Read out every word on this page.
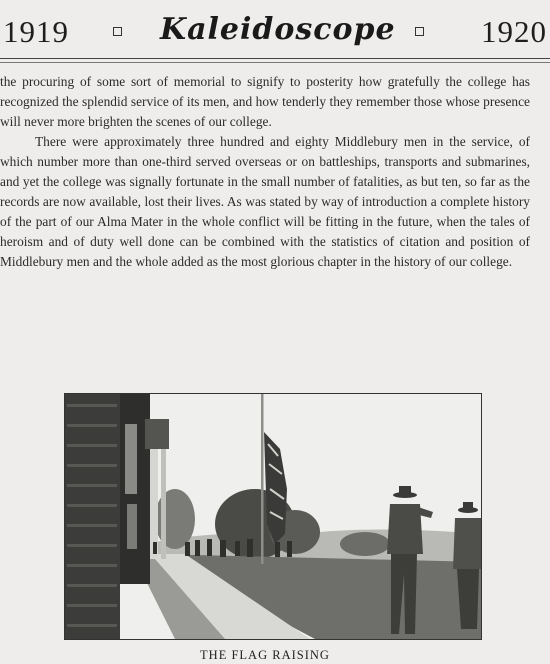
1919	Kaleidoscope	1920

the procuring of some sort of memorial to signify to posterity how gratefully the college has recognized the splendid service of its men, and how tenderly they remember those whose presence will never more brighten the scenes of our college.

There were approximately three hundred and eighty Middlebury men in the service, of which number more than one-third served overseas or on battleships, transports and submarines, and yet the college was signally fortunate in the small number of fatalities, as but ten, so far as the records are now available, lost their lives. As was stated by way of introduction a complete history of the part of our Alma Mater in the whole conflict will be fitting in the future, when the tales of heroism and of duty well done can be combined with the statistics of citation and position of Middlebury men and the whole added as the most glorious chapter in the history of our college.

THE FLAG RAISING
